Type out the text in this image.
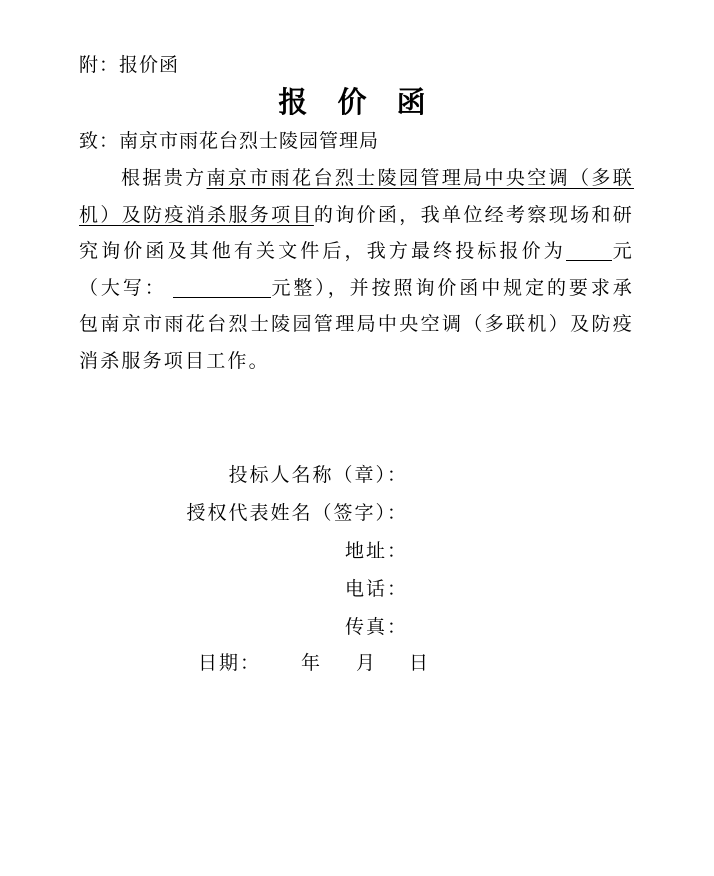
附：报价函
报 价 函
致：南京市雨花台烈士陵园管理局

根据贵方南京市雨花台烈士陵园管理局中央空调（多联机）及防疫消杀服务项目的询价函，我单位经考察现场和研究询价函及其他有关文件后，我方最终投标报价为 元（大写：	元整），并按照询价函中规定的要求承包南京市雨花台烈士陵园管理局中央空调（多联机）及防疫消杀服务项目工作。

投标人名称（章）：
授权代表姓名（签字）：
地址：
电话：
传真：
日期： 年 月 日
